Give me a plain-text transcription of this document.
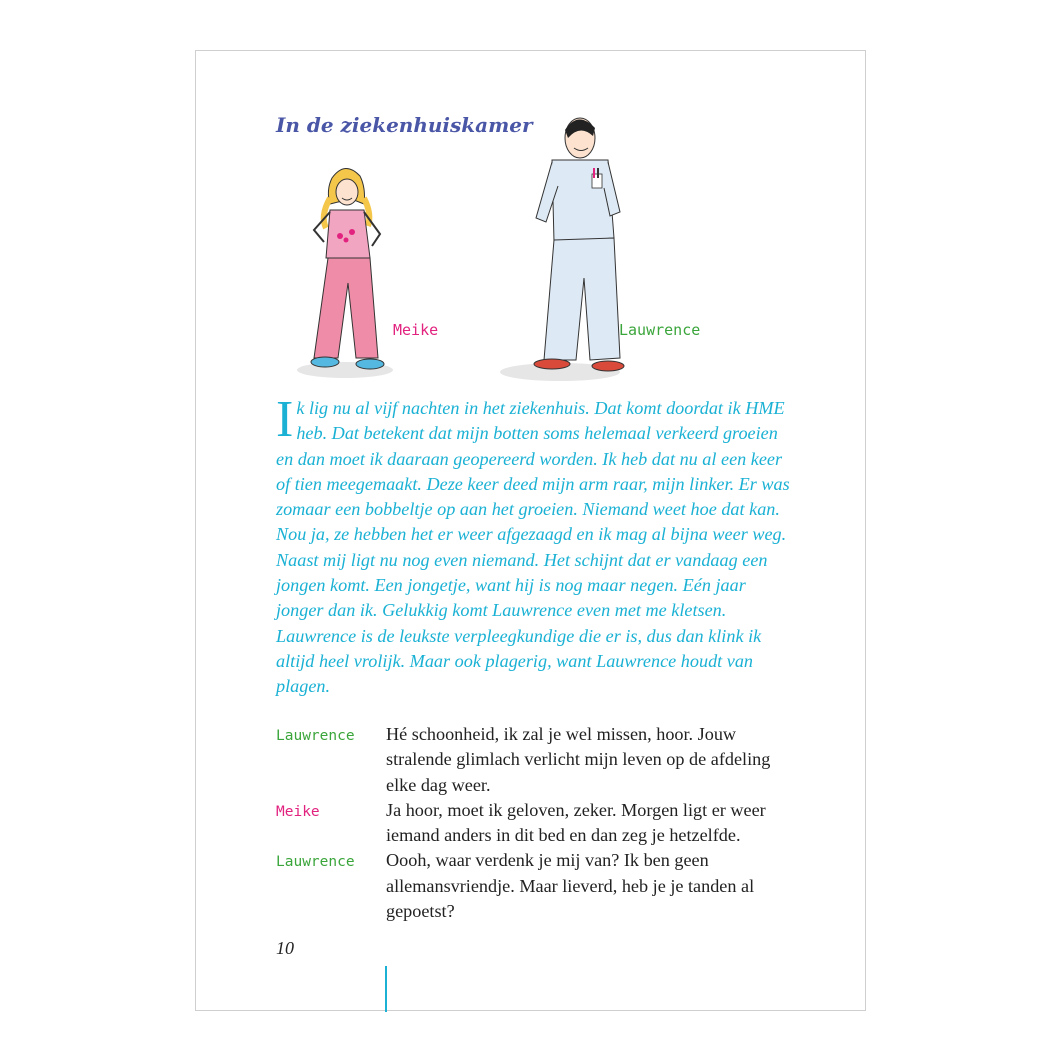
In de ziekenhuiskamer
Meike	Lauwrence

Ik lig nu al vijf nachten in het ziekenhuis. Dat komt doordat ik HME heb. Dat betekent dat mijn botten soms helemaal verkeerd groeien en dan moet ik daaraan geopereerd worden. Ik heb dat nu al een keer of tien meegemaakt. Deze keer deed mijn arm raar, mijn linker. Er was zomaar een bobbeltje op aan het groeien. Niemand weet hoe dat kan. Nou ja, ze hebben het er weer afgezaagd en ik mag al bijna weer weg. Naast mij ligt nu nog even niemand. Het schijnt dat er vandaag een jongen komt. Een jongetje, want hij is nog maar negen. Eén jaar jonger dan ik. Gelukkig komt Lauwrence even met me kletsen. Lauwrence is de leukste verpleegkundige die er is, dus dan klink ik altijd heel vrolijk. Maar ook plagerig, want Lauwrence houdt van plagen.

Lauwrence	Hé schoonheid, ik zal je wel missen, hoor. Jouw stralende glimlach verlicht mijn leven op de afdeling elke dag weer.
Meike	Ja hoor, moet ik geloven, zeker. Morgen ligt er weer iemand anders in dit bed en dan zeg je hetzelfde.
Lauwrence	Oooh, waar verdenk je mij van? Ik ben geen allemansvriendje. Maar lieverd, heb je je tanden al gepoetst?
10
